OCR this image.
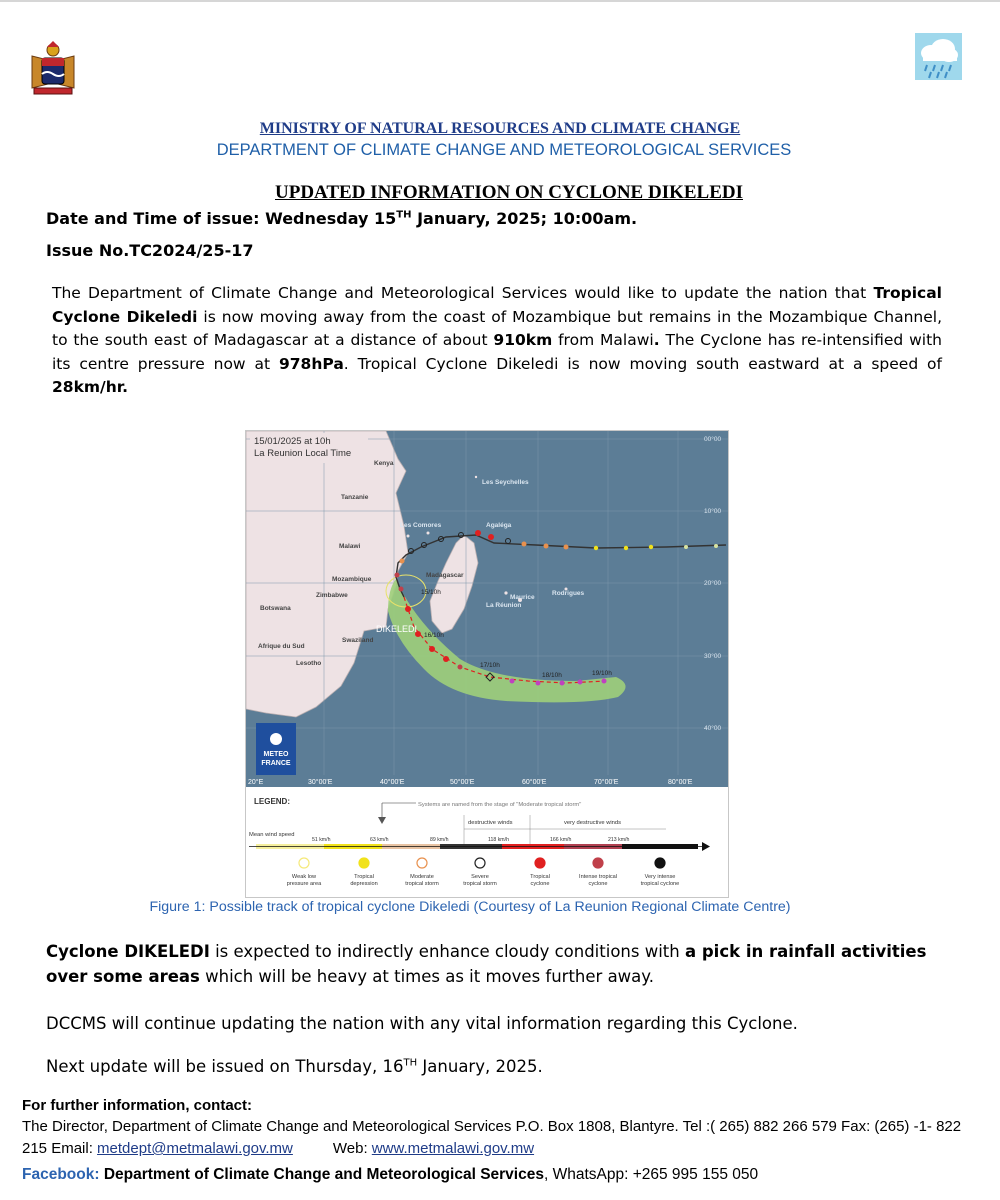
MINISTRY OF NATURAL RESOURCES AND CLIMATE CHANGE
DEPARTMENT OF CLIMATE CHANGE AND METEOROLOGICAL SERVICES
UPDATED INFORMATION ON CYCLONE DIKELEDI
Date and Time of issue: Wednesday 15TH January, 2025; 10:00am.
Issue No.TC2024/25-17
The Department of Climate Change and Meteorological Services would like to update the nation that Tropical Cyclone Dikeledi is now moving away from the coast of Mozambique but remains in the Mozambique Channel, to the south east of Madagascar at a distance of about 910km from Malawi. The Cyclone has re-intensified with its centre pressure now at 978hPa. Tropical Cyclone Dikeledi is now moving south eastward at a speed of 28km/hr.
15/01/2025 at 10h
La Reunion Local Time
Kenya
Tanzanie
Les Seychelles
Les Comores	Agaléga
Malawi
Mozambique
Madagascar
Zimbabwe
Botswana
Maurice
Rodrigues
La Réunion
Swaziland
Afrique du Sud
Lesotho
DIKELEDI
15/10h
16/10h
17/10h
18/10h	19/10h
00°00
10°00
20°00
30°00
40°00
METEO
FRANCE
20°E	30°00'E	40°00'E	50°00'E	60°00'E	70°00'E	80°00'E
LEGEND:	Systems are named from the stage of "Moderate tropical storm"
destructive winds	very destructive winds
Mean wind speed
51 km/h	63 km/h	89 km/h	118 km/h	166 km/h	213 km/h
Weak low
pressure area
Tropical
depression
Moderate
tropical storm
Severe
tropical storm
Tropical
cyclone
Intense tropical
cyclone
Very intense
tropical cyclone
Figure 1: Possible track of tropical cyclone Dikeledi (Courtesy of La Reunion Regional Climate Centre)
Cyclone DIKELEDI is expected to indirectly enhance cloudy conditions with a pick in rainfall activities over some areas which will be heavy at times as it moves further away.
DCCMS will continue updating the nation with any vital information regarding this Cyclone.
Next update will be issued on Thursday, 16TH January, 2025.
For further information, contact:
The Director, Department of Climate Change and Meteorological Services P.O. Box 1808, Blantyre. Tel :( 265) 882 266 579 Fax: (265) -1- 822 215 Email: metdept@metmalawi.gov.mw	Web: www.metmalawi.gov.mw
Facebook: Department of Climate Change and Meteorological Services, WhatsApp: +265 995 155 050
